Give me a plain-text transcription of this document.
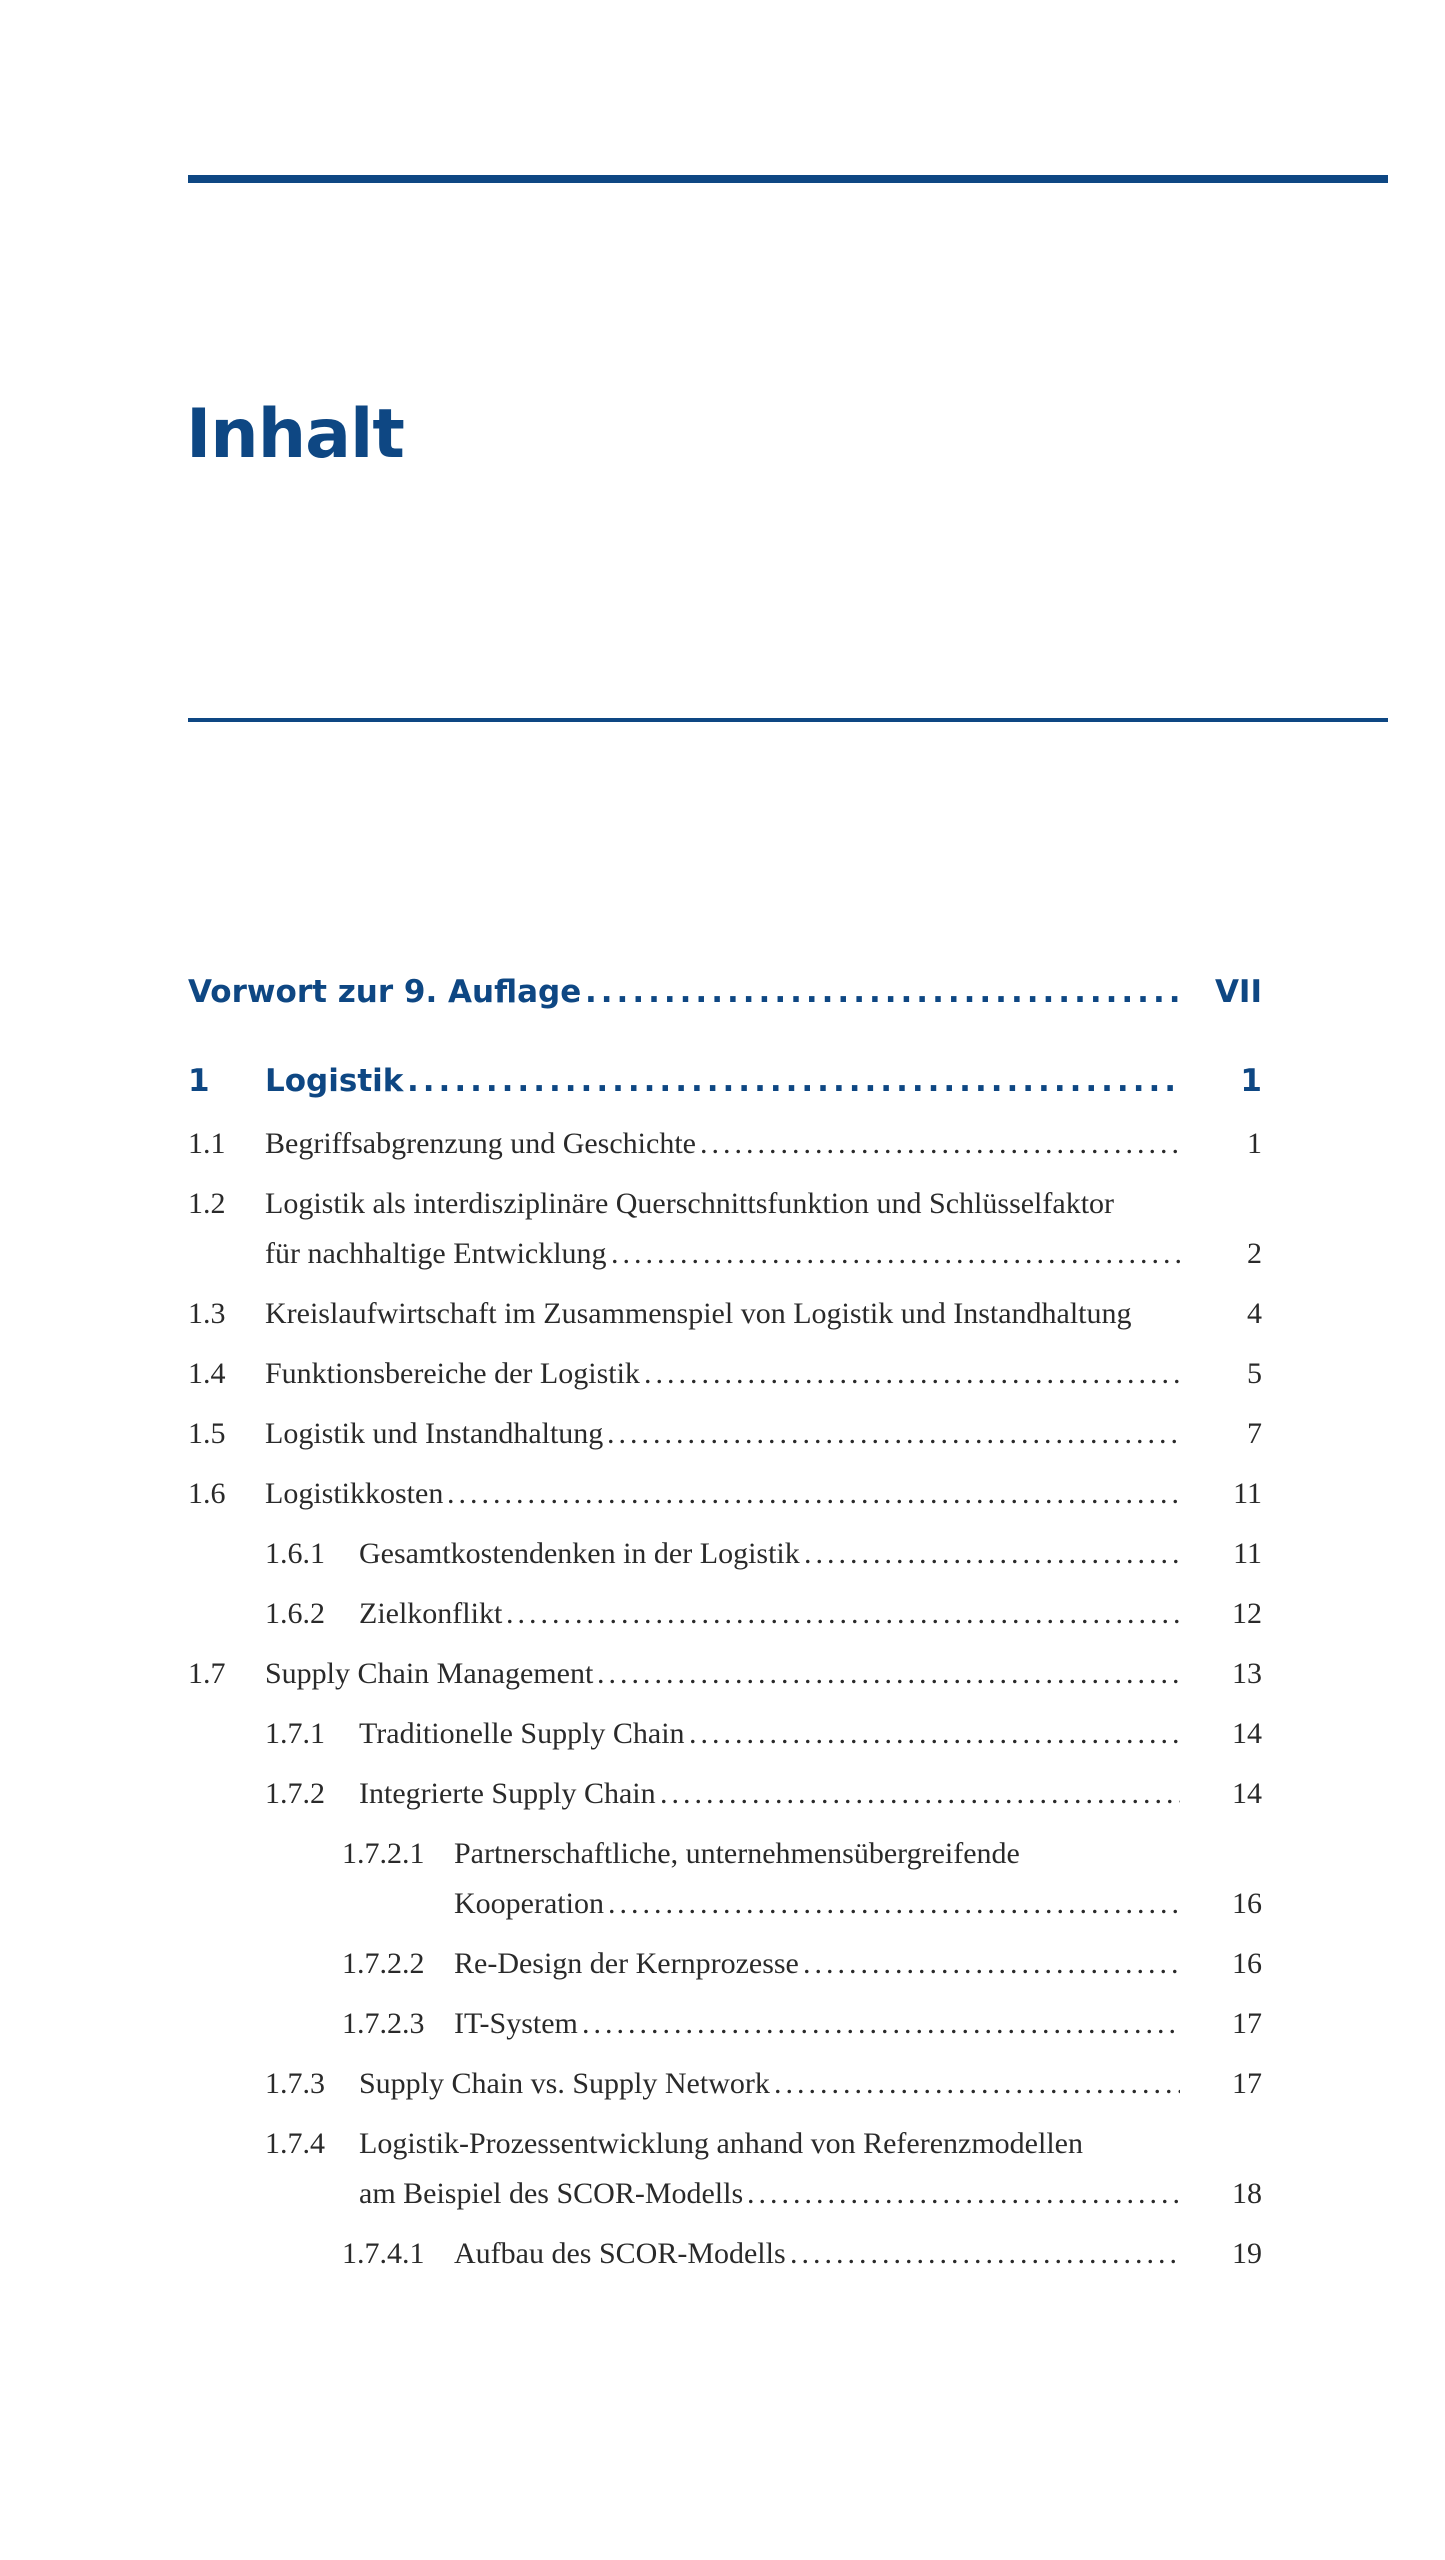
Inhalt
Vorwort zur 9. Auflage .....	VII
1 Logistik .....	1
1.1 Begriffsabgrenzung und Geschichte .....	1
1.2 Logistik als interdisziplinäre Querschnittsfunktion und Schlüsselfaktor
für nachhaltige Entwicklung .....	2
1.3 Kreislaufwirtschaft im Zusammenspiel von Logistik und Instandhaltung	4
1.4 Funktionsbereiche der Logistik .....	5
1.5 Logistik und Instandhaltung .....	7
1.6 Logistikkosten .....	11
1.6.1 Gesamtkostendenken in der Logistik .....	11
1.6.2 Zielkonflikt .....	12
1.7 Supply Chain Management .....	13
1.7.1 Traditionelle Supply Chain .....	14
1.7.2 Integrierte Supply Chain .....	14
1.7.2.1 Partnerschaftliche, unternehmensübergreifende
Kooperation .....	16
1.7.2.2 Re-Design der Kernprozesse .....	16
1.7.2.3 IT-System .....	17
1.7.3 Supply Chain vs. Supply Network .....	17
1.7.4 Logistik-Prozessentwicklung anhand von Referenzmodellen
am Beispiel des SCOR-Modells .....	18
1.7.4.1 Aufbau des SCOR-Modells .....	19
